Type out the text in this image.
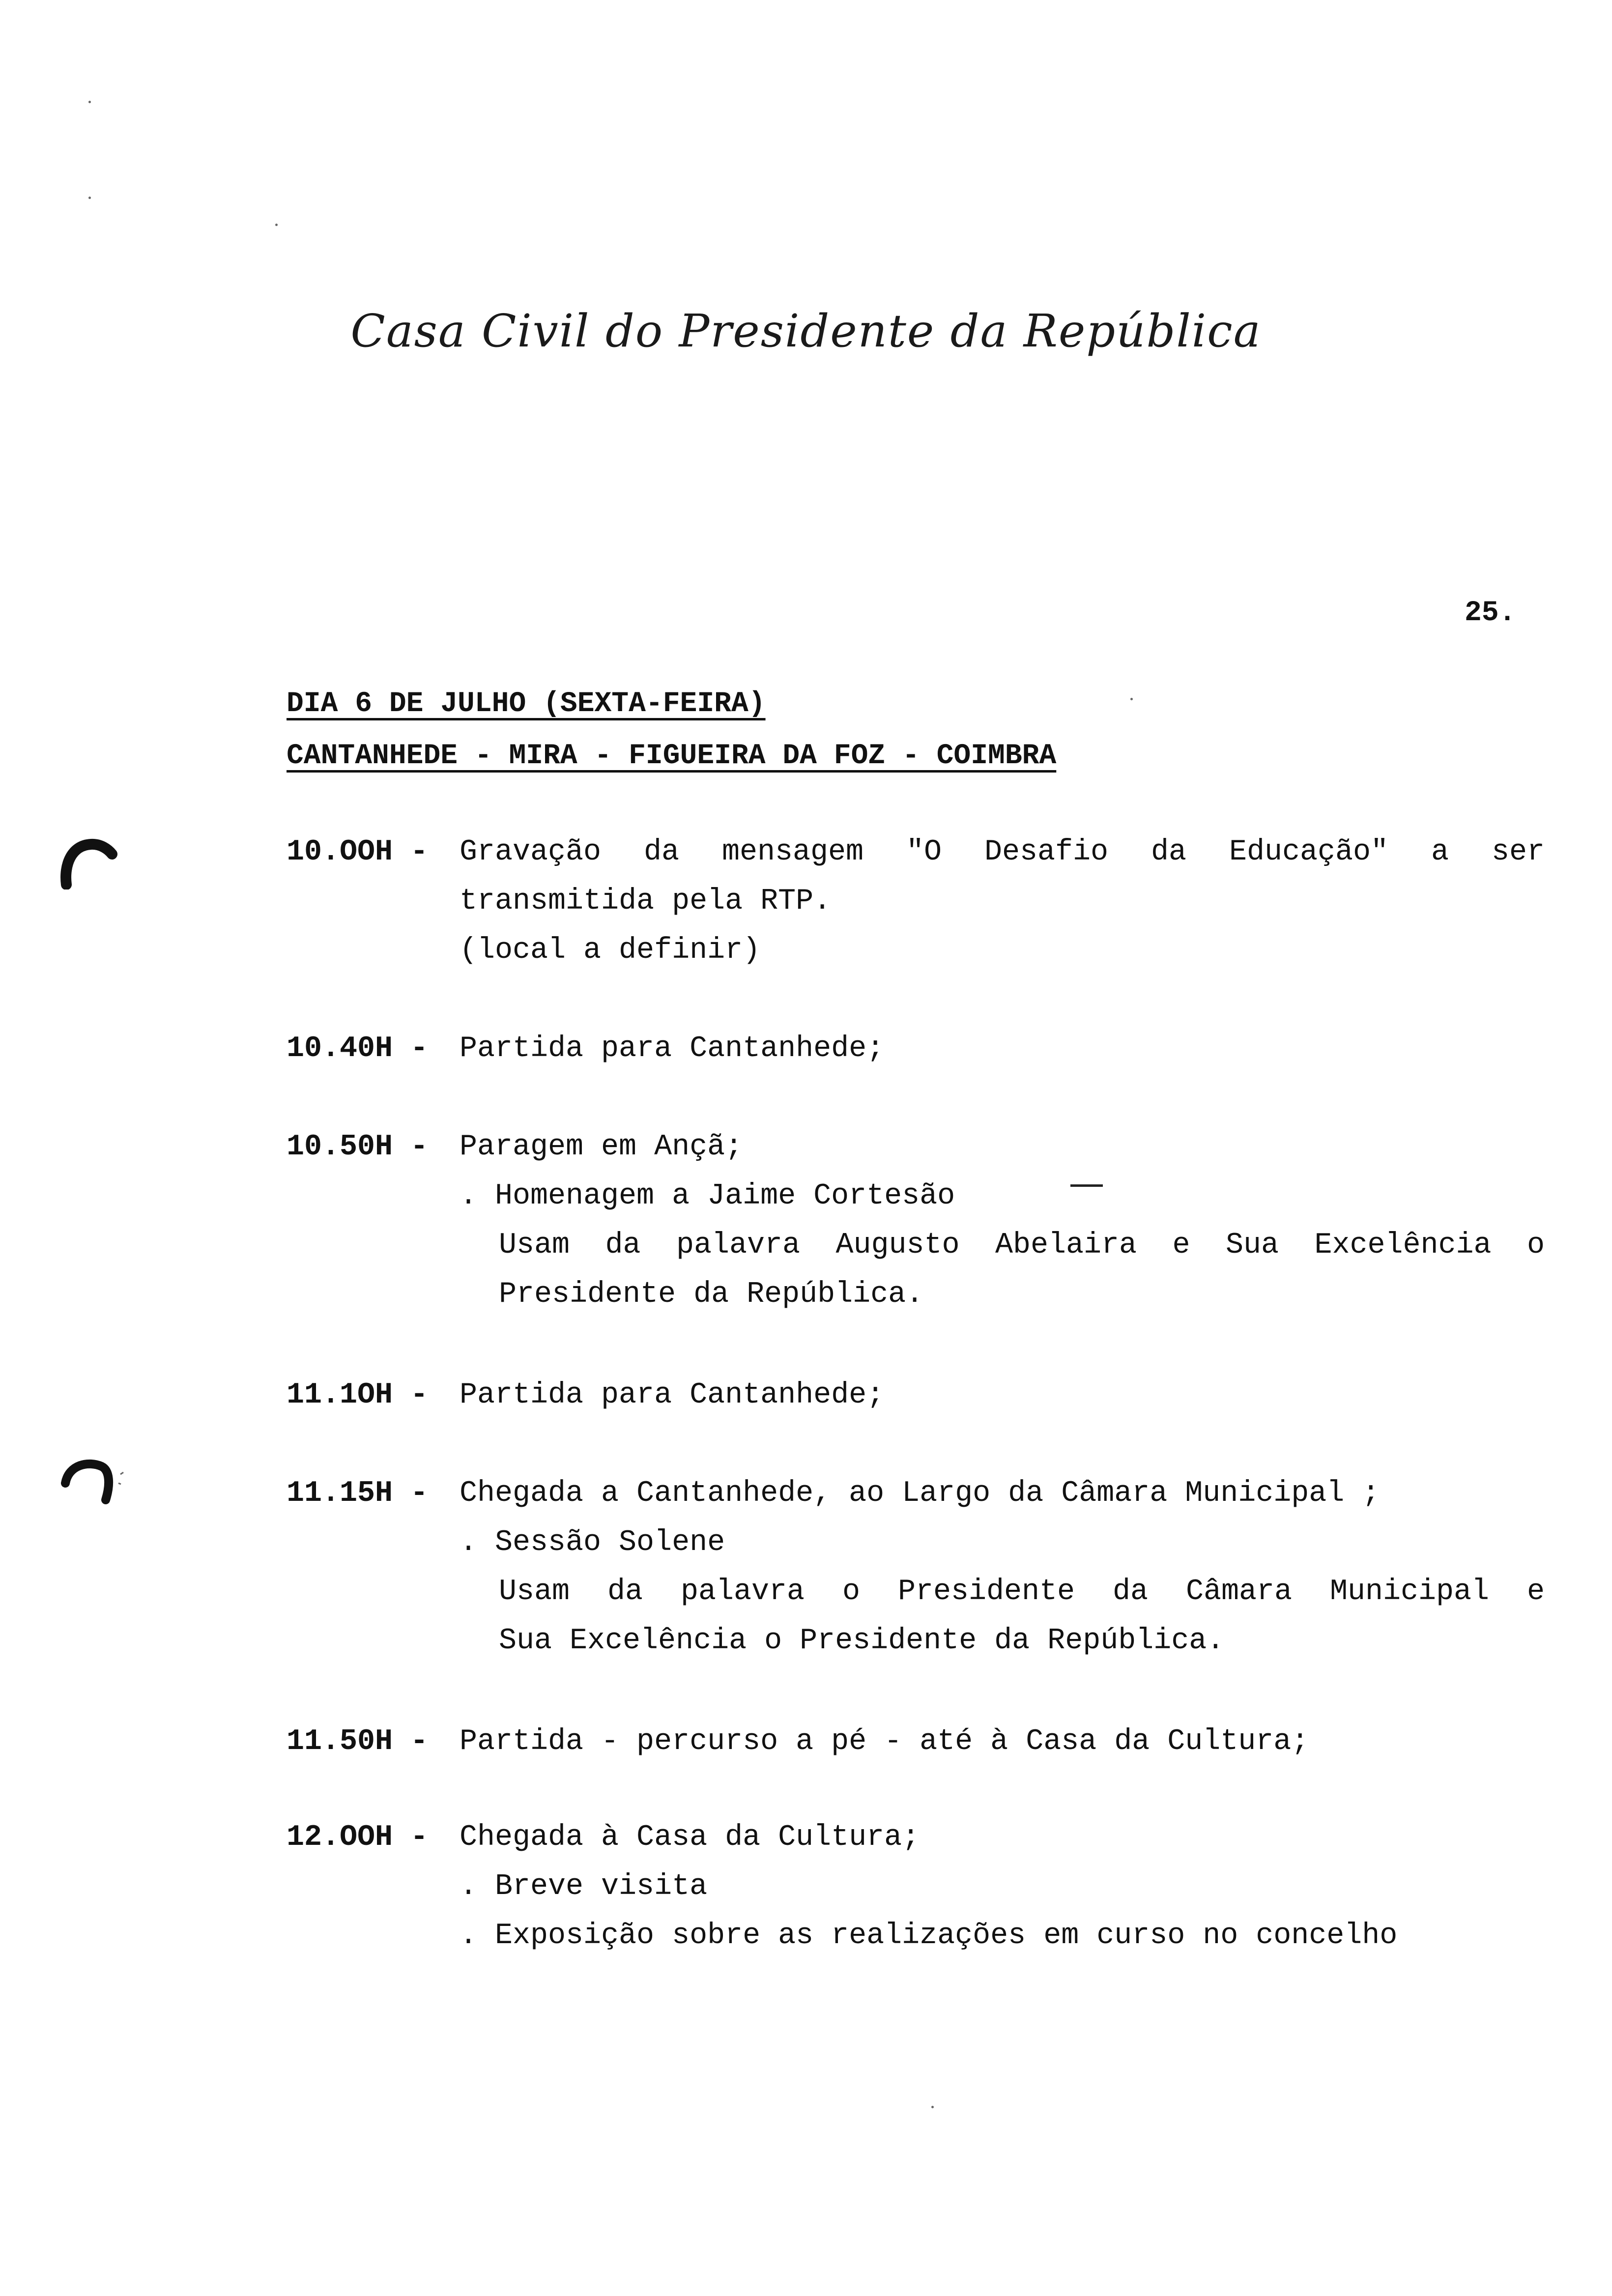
Casa Civil do Presidente da República
25.
DIA 6 DE JULHO (SEXTA-FEIRA)
CANTANHEDE - MIRA - FIGUEIRA DA FOZ - COIMBRA
10.OOH - Gravação da mensagem "O Desafio da Educação" a ser
transmitida pela RTP.
(local a definir)
10.40H - Partida para Cantanhede;
10.50H - Paragem em Ançã;
. Homenagem a Jaime Cortesão
Usam da palavra Augusto Abelaira e Sua Excelência o
Presidente da República.
11.1OH - Partida para Cantanhede;
11.15H - Chegada a Cantanhede, ao Largo da Câmara Municipal ;
. Sessão Solene
Usam da palavra o Presidente da Câmara Municipal e
Sua Excelência o Presidente da República.
11.50H - Partida - percurso a pé - até à Casa da Cultura;
12.OOH - Chegada à Casa da Cultura;
. Breve visita
. Exposição sobre as realizações em curso no concelho
